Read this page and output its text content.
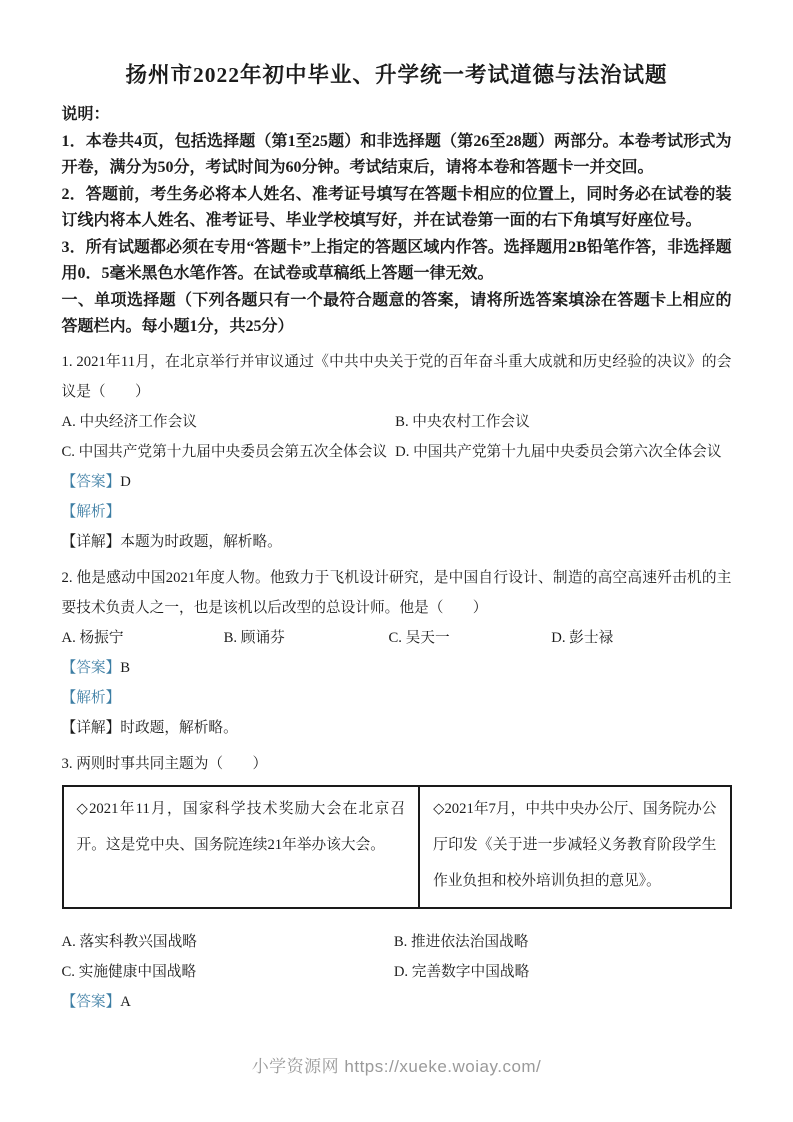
扬州市2022年初中毕业、升学统一考试道德与法治试题

说明：

1．本卷共4页，包括选择题（第1至25题）和非选择题（第26至28题）两部分。本卷考试形式为开卷，满分为50分，考试时间为60分钟。考试结束后，请将本卷和答题卡一并交回。

2．答题前，考生务必将本人姓名、准考证号填写在答题卡相应的位置上，同时务必在试卷的装订线内将本人姓名、准考证号、毕业学校填写好，并在试卷第一面的右下角填写好座位号。

3．所有试题都必须在专用“答题卡”上指定的答题区域内作答。选择题用2B铅笔作答，非选择题用0．5毫米黑色水笔作答。在试卷或草稿纸上答题一律无效。

一、单项选择题（下列各题只有一个最符合题意的答案，请将所选答案填涂在答题卡上相应的答题栏内。每小题1分，共25分）

1. 2021年11月，在北京举行并审议通过《中共中央关于党的百年奋斗重大成就和历史经验的决议》的会议是（　　）

A. 中央经济工作会议	B. 中央农村工作会议
C. 中国共产党第十九届中央委员会第五次全体会议 D. 中国共产党第十九届中央委员会第六次全体会议

【答案】D

【解析】

【详解】本题为时政题，解析略。

2. 他是感动中国2021年度人物。他致力于飞机设计研究，是中国自行设计、制造的高空高速歼击机的主要技术负责人之一，也是该机以后改型的总设计师。他是（　　）

A. 杨振宁	B. 顾诵芬	C. 吴天一	D. 彭士禄

【答案】B

【解析】

【详解】时政题，解析略。

3. 两则时事共同主题为（　　）

◇2021年11月，国家科学技术奖励大会在北京召开。这是党中央、国务院连续21年举办该大会。	◇2021年7月，中共中央办公厅、国务院办公厅印发《关于进一步减轻义务教育阶段学生作业负担和校外培训负担的意见》。
A. 落实科教兴国战略	B. 推进依法治国战略
C. 实施健康中国战略	D. 完善数字中国战略

【答案】A

小学资源网 https://xueke.woiay.com/
